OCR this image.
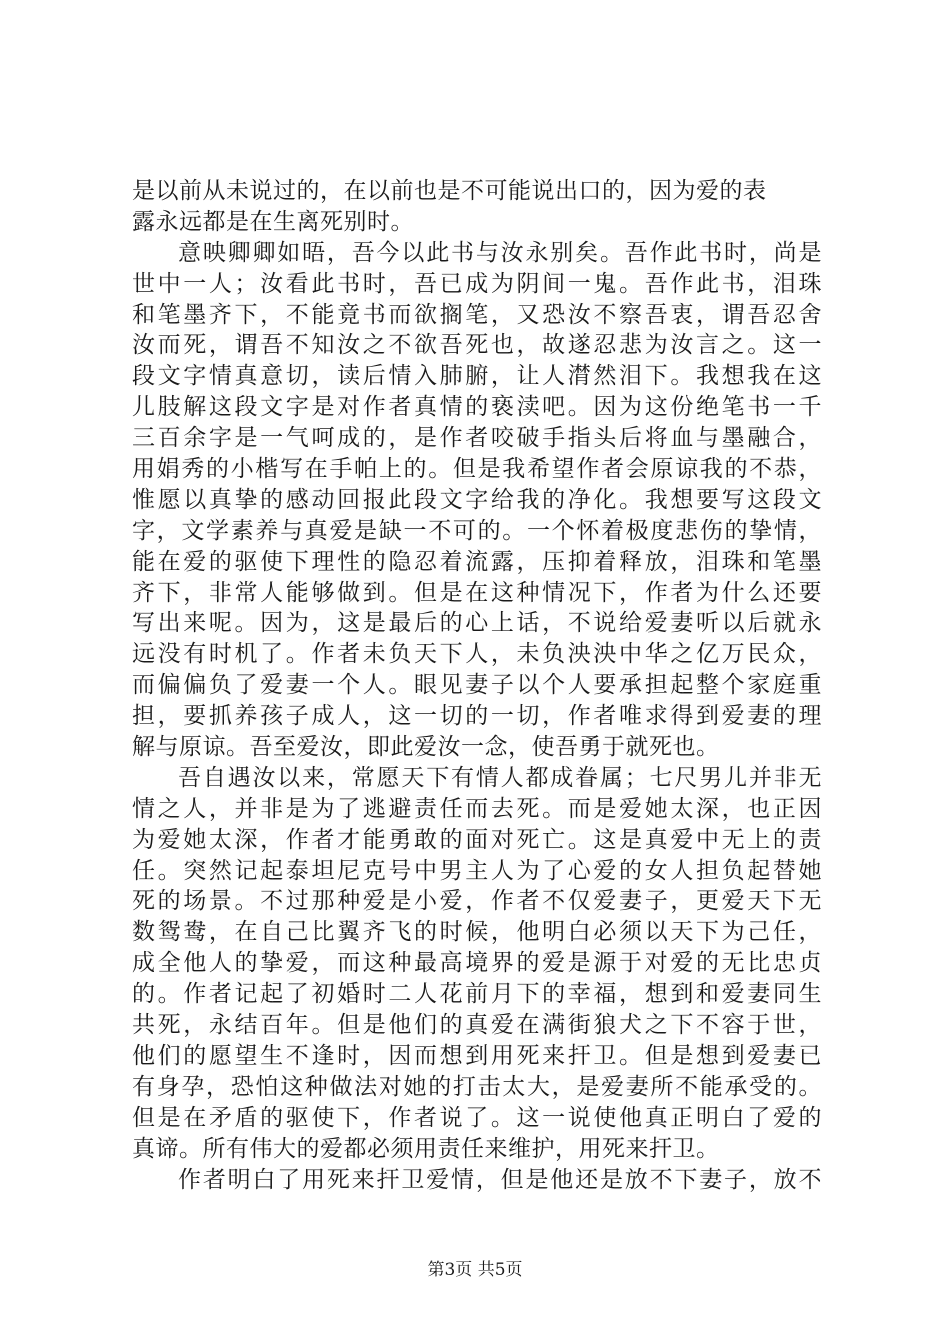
是以前从未说过的，在以前也是不可能说出口的，因为爱的表
露永远都是在生离死别时。
意映卿卿如晤，吾今以此书与汝永别矣。吾作此书时，尚是
世中一人；汝看此书时，吾已成为阴间一鬼。吾作此书，泪珠
和笔墨齐下，不能竟书而欲搁笔，又恐汝不察吾衷，谓吾忍舍
汝而死，谓吾不知汝之不欲吾死也，故遂忍悲为汝言之。这一
段文字情真意切，读后情入肺腑，让人潸然泪下。我想我在这
儿肢解这段文字是对作者真情的亵渎吧。因为这份绝笔书一千
三百余字是一气呵成的，是作者咬破手指头后将血与墨融合，
用娟秀的小楷写在手帕上的。但是我希望作者会原谅我的不恭，
惟愿以真挚的感动回报此段文字给我的净化。我想要写这段文
字，文学素养与真爱是缺一不可的。一个怀着极度悲伤的挚情，
能在爱的驱使下理性的隐忍着流露，压抑着释放，泪珠和笔墨
齐下，非常人能够做到。但是在这种情况下，作者为什么还要
写出来呢。因为，这是最后的心上话，不说给爱妻听以后就永
远没有时机了。作者未负天下人，未负泱泱中华之亿万民众，
而偏偏负了爱妻一个人。眼见妻子以个人要承担起整个家庭重
担，要抓养孩子成人，这一切的一切，作者唯求得到爱妻的理
解与原谅。吾至爱汝，即此爱汝一念，使吾勇于就死也。
吾自遇汝以来，常愿天下有情人都成眷属；七尺男儿并非无
情之人，并非是为了逃避责任而去死。而是爱她太深，也正因
为爱她太深，作者才能勇敢的面对死亡。这是真爱中无上的责
任。突然记起泰坦尼克号中男主人为了心爱的女人担负起替她
死的场景。不过那种爱是小爱，作者不仅爱妻子，更爱天下无
数鸳鸯，在自己比翼齐飞的时候，他明白必须以天下为己任，
成全他人的挚爱，而这种最高境界的爱是源于对爱的无比忠贞
的。作者记起了初婚时二人花前月下的幸福，想到和爱妻同生
共死，永结百年。但是他们的真爱在满街狼犬之下不容于世，
他们的愿望生不逢时，因而想到用死来扞卫。但是想到爱妻已
有身孕，恐怕这种做法对她的打击太大，是爱妻所不能承受的。
但是在矛盾的驱使下，作者说了。这一说使他真正明白了爱的
真谛。所有伟大的爱都必须用责任来维护，用死来扞卫。
作者明白了用死来扞卫爱情，但是他还是放不下妻子，放不
第3页 共5页
